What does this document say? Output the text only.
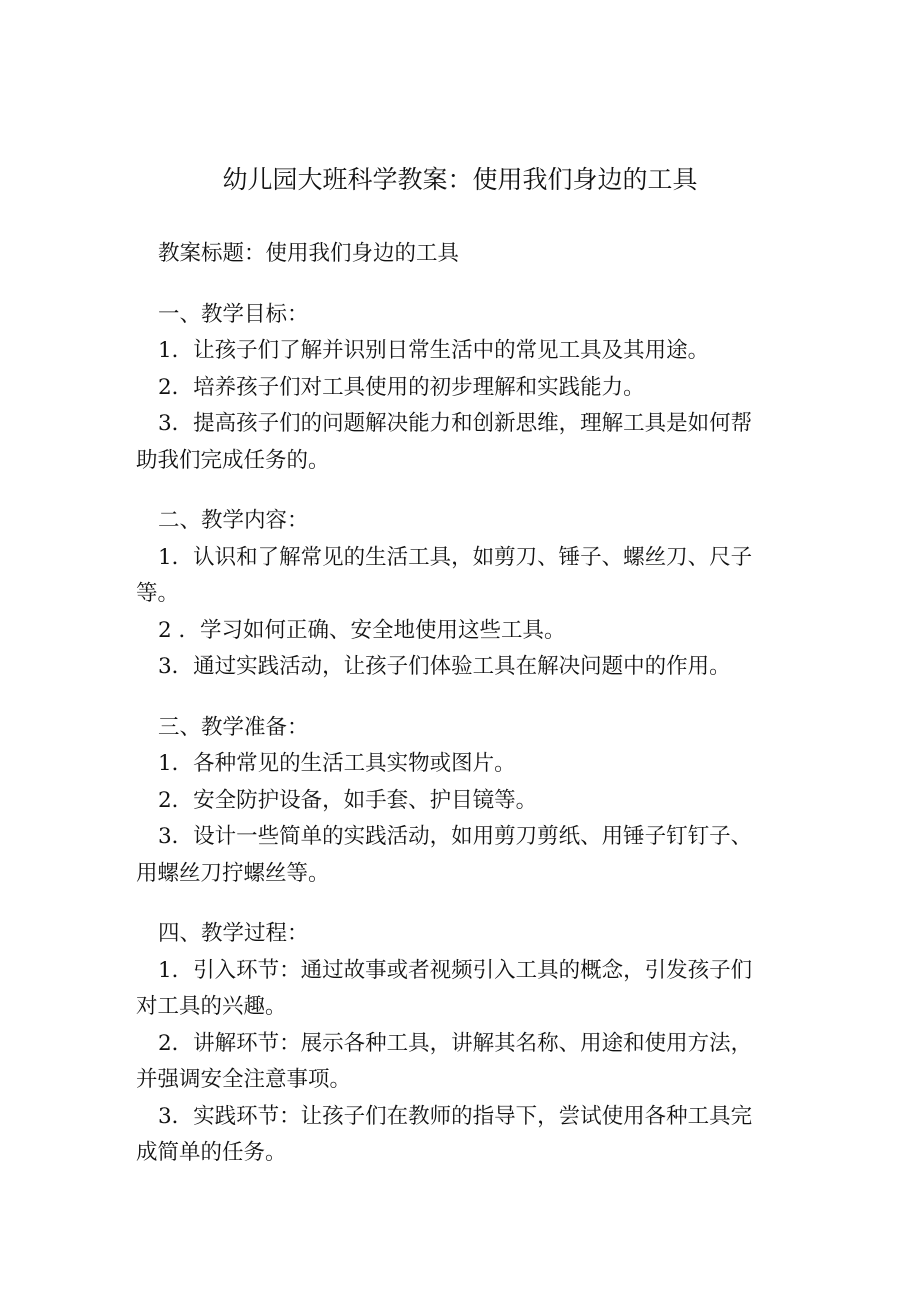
幼儿园大班科学教案：使用我们身边的工具
教案标题：使用我们身边的工具
一、教学目标：
1．让孩子们了解并识别日常生活中的常见工具及其用途。
2．培养孩子们对工具使用的初步理解和实践能力。
3．提高孩子们的问题解决能力和创新思维，理解工具是如何帮
助我们完成任务的。
二、教学内容：
1．认识和了解常见的生活工具，如剪刀、锤子、螺丝刀、尺子
等。
2 ．学习如何正确、安全地使用这些工具。
3．通过实践活动，让孩子们体验工具在解决问题中的作用。
三、教学准备：
1．各种常见的生活工具实物或图片。
2．安全防护设备，如手套、护目镜等。
3．设计一些简单的实践活动，如用剪刀剪纸、用锤子钉钉子、
用螺丝刀拧螺丝等。
四、教学过程：
1．引入环节：通过故事或者视频引入工具的概念，引发孩子们
对工具的兴趣。
2．讲解环节：展示各种工具，讲解其名称、用途和使用方法，
并强调安全注意事项。
3．实践环节：让孩子们在教师的指导下，尝试使用各种工具完
成简单的任务。
